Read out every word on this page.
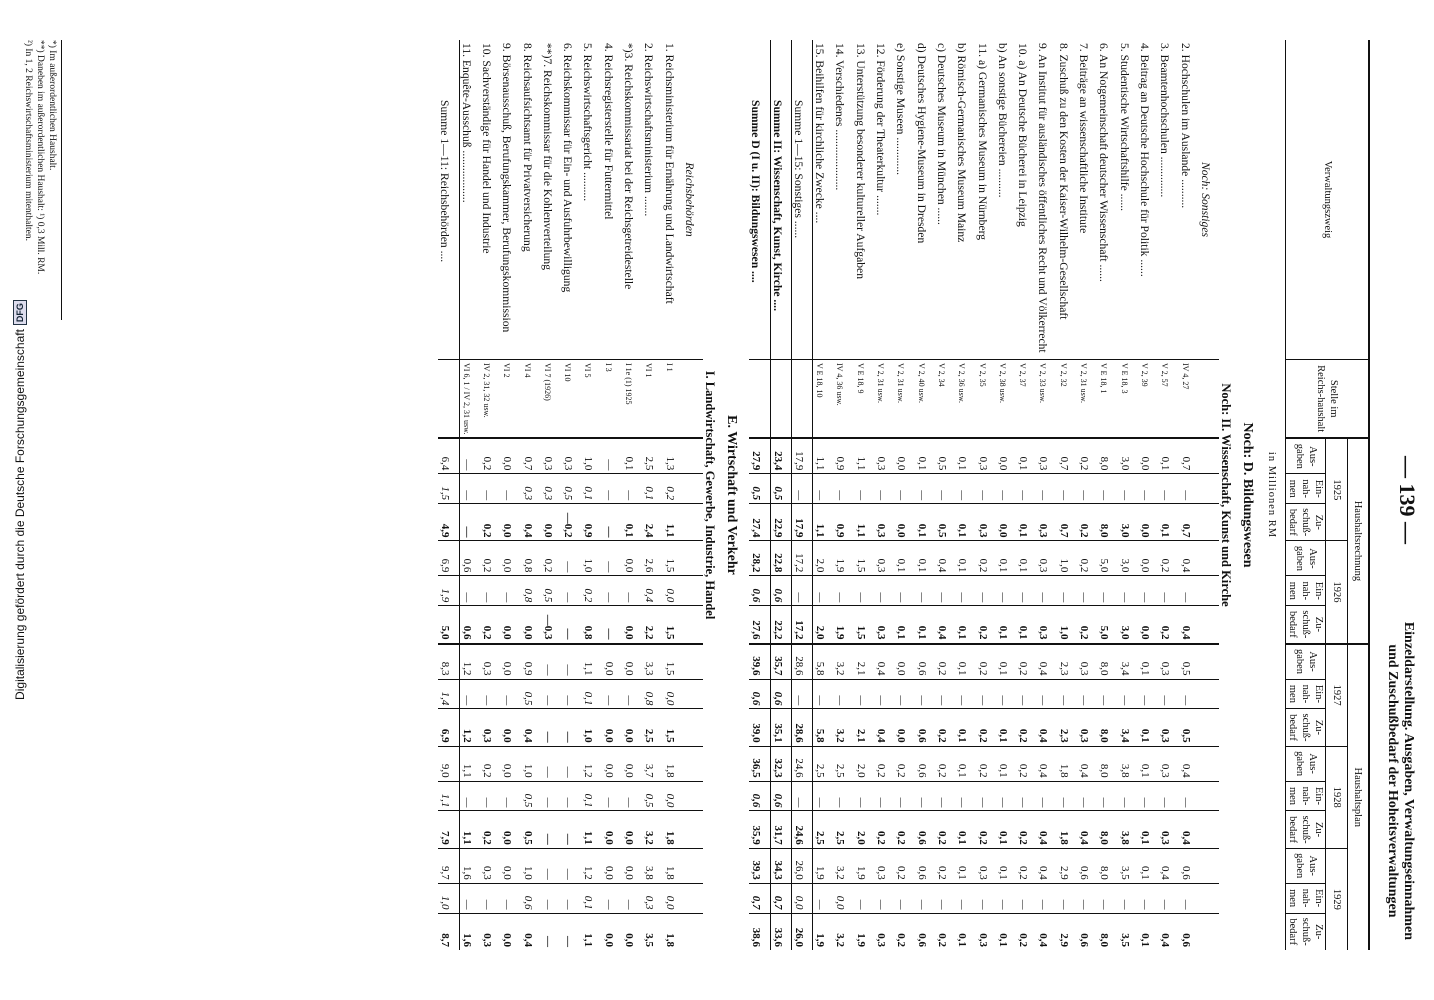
— 139 —
Einzeldarstellung. Ausgaben, Verwaltungseinnahmen
und Zuschußbedarf der Hoheitsverwaltungen
Verwaltungszweig	Stelle im Reichs-haushalt	Haushaltsrechnung						Haushaltsplan								
		1925			1926			1927			1928			1929		
		Aus-gaben	Ein-nah-men	Zu-schuß-bedarf	Aus-gaben	Ein-nah-men	Zu-schuß-bedarf	Aus-gaben	Ein-nah-men	Zu-schuß-bedarf	Aus-gaben	Ein-nah-men	Zu-schuß-bedarf	Aus-gaben	Ein-nah-men	Zu-schuß-bedarf
in Millionen RM																
Noch: D. Bildungswesen																
Noch: II. Wissenschaft, Kunst und Kirche																
Noch: Sonstiges																
2. Hochschulen im Auslande ..........	IV 4, 27	0,7	—	0,7	0,4	—	0,4	0,5	—	0,5	0,4	—	0,4	0,6	—	0,6
3. Beamtenhochschulen ..............	V 2, 57	0,1	—	0,1	0,2	—	0,2	0,3	—	0,3	0,3	—	0,3	0,4	—	0,4
4. Beitrag an Deutsche Hochschule für Politik ......	V 2, 39	0,0	—	0,0	0,0	—	0,0	0,1	—	0,1	0,1	—	0,1	0,1	—	0,1
5. Studentische Wirtschaftshilfe ......	V E 18, 3	3,0	—	3,0	3,0	—	3,0	3,4	—	3,4	3,8	—	3,8	3,5	—	3,5
6. An Notgemeinschaft deutscher Wissenschaft ......	V E 18, 1	8,0	—	8,0	5,0	—	5,0	8,0	—	8,0	8,0	—	8,0	8,0	—	8,0
7. Beiträge an wissenschaftliche Institute	V 2, 31 usw.	0,2	—	0,2	0,2	—	0,2	0,3	—	0,3	0,4	—	0,4	0,6	—	0,6
8. Zuschuß zu den Kosten der Kaiser-Wilhelm-Gesellschaft	V 2, 32	0,7	—	0,7	1,0	—	1,0	2,3	—	2,3	1,8	—	1,8	2,9	—	2,9
9. An Institut für ausländisches öffentliches Recht und Völkerrecht	V 2, 33 usw.	0,3	—	0,3	0,3	—	0,3	0,4	—	0,4	0,4	—	0,4	0,4	—	0,4
10. a) An Deutsche Bücherei in Leipzig	V 2, 37	0,1	—	0,1	0,1	—	0,1	0,2	—	0,2	0,2	—	0,2	0,2	—	0,2
b) An sonstige Büchereien ..........	V 2, 38 usw.	0,0	—	0,0	0,1	—	0,1	0,1	—	0,1	0,1	—	0,1	0,1	—	0,1
11. a) Germanisches Museum in Nürnberg	V 2, 35	0,3	—	0,3	0,2	—	0,2	0,2	—	0,2	0,2	—	0,2	0,3	—	0,3
b) Römisch-Germanisches Museum Mainz	V 2, 36 usw.	0,1	—	0,1	0,1	—	0,1	0,1	—	0,1	0,1	—	0,1	0,1	—	0,1
c) Deutsches Museum in München ......	V 2, 34	0,5	—	0,5	0,4	—	0,4	0,2	—	0,2	0,2	—	0,2	0,2	—	0,2
d) Deutsches Hygiene-Museum in Dresden	V 2, 40 usw.	0,1	—	0,1	0,1	—	0,1	0,6	—	0,6	0,6	—	0,6	0,6	—	0,6
e) Sonstige Museen .............	V 2, 31 usw.	0,0	—	0,0	0,1	—	0,1	0,0	—	0,0	0,2	—	0,2	0,2	—	0,2
12. Förderung der Theaterkultur .......	V 2, 31 usw.	0,3	—	0,3	0,3	—	0,3	0,4	—	0,4	0,2	—	0,2	0,3	—	0,3
13. Unterstützung besonderer kultureller Aufgaben	V E 18, 9	1,1	—	1,1	1,5	—	1,5	2,1	—	2,1	2,0	—	2,0	1,9	—	1,9
14. Verschiedenes .....................	IV 4, 36 usw.	0,9	—	0,9	1,9	—	1,9	3,2	—	3,2	2,5	—	2,5	3,2	0,0	3,2
15. Beihilfen für kirchliche Zwecke ....	V E 18, 10	1,1	—	1,1	2,0	—	2,0	5,8	—	5,8	2,5	—	2,5	1,9	—	1,9
Summe 1—15: Sonstiges ......		17,9	—	17,9	17,2	—	17,2	28,6	—	28,6	24,6	—	24,6	26,0	0,0	26,0
Summe II: Wissenschaft, Kunst, Kirche ....		23,4	0,5	22,9	22,8	0,6	22,2	35,7	0,6	35,1	32,3	0,6	31,7	34,3	0,7	33,6
Summe D (I u. II): Bildungswesen ....		27,9	0,5	27,4	28,2	0,6	27,6	39,6	0,6	39,0	36,5	0,6	35,9	39,3	0,7	38,6
E. Wirtschaft und Verkehr																
I. Landwirtschaft, Gewerbe, Industrie, Handel																
Reichsbehörden																
1. Reichsministerium für Ernährung und Landwirtschaft	I 1	1,3	0,2	1,1	1,5	0,0	1,5	1,5	0,0	1,5	1,8	0,0	1,8	1,8	0,0	1,8
2. Reichswirtschaftsministerium .......	VI 1	2,5	0,1	2,4	2,6	0,4	2,2	3,3	0,8	2,5	3,7	0,5	3,2	3,8	0,3	3,5
*)3. Reichskommissariat bei der Reichsgetreidestelle	I 1e (1) 1925	0,1	—	0,1	0,0	—	0,0	0,0	—	0,0	0,0	—	0,0	0,0	—	0,0
4. Reichsregisterstelle für Futtermittel	I 3	—	—	—	—	—	—	0,0	—	0,0	0,0	—	0,0	0,0	—	0,0
5. Reichswirtschaftsgericht ..........	VI 5	1,0	0,1	0,9	1,0	0,2	0,8	1,1	0,1	1,0	1,2	0,1	1,1	1,2	0,1	1,1
6. Reichskommissar für Ein- und Ausfuhrbewilligung	VI 10	0,3	0,5	—0,2	—	—	—	—	—	—	—	—	—	—	—	—
**)7. Reichskommissar für die Kohlenverteilung	VI 7 (1926)	0,3	0,3	0,0	0,2	0,5	—0,3	—	—	—	—	—	—	—	—	—
8. Reichsaufsichtsamt für Privatversicherung	VI 4	0,7	0,3	0,4	0,8	0,8	0,0	0,9	0,5	0,4	1,0	0,5	0,5	1,0	0,6	0,4
9. Börsenausschuß, Berufungskammer, Berufungskommission	VI 2	0,0	—	0,0	0,0	—	0,0	0,0	—	0,0	0,0	—	0,0	0,0	—	0,0
10. Sachverständige für Handel und Industrie	IV 2, 31, 32 usw.	0,2	—	0,2	0,2	—	0,2	0,3	—	0,3	0,2	—	0,2	0,3	—	0,3
11. Enquête-Ausschuß ..................	VI 6, 1 / IV 2, 31 usw.	—	—	—	0,6	—	0,6	1,2	—	1,2	1,1	—	1,1	1,6	—	1,6
Summe 1—11: Reichsbehörden ....		6,4	1,5	4,9	6,9	1,9	5,0	8,3	1,4	6,9	9,0	1,1	7,9	9,7	1,0	8,7
*) Im außerordentlichen Haushalt.
**) Daneben im außerordentlichen Haushalt: ¹) 0,3 Mill. RM.
²) In 1, 2 Reichswirtschaftsministerium mitenthalten.
Digitalisierung gefördert durch die Deutsche Forschungsgemeinschaft
DFG
